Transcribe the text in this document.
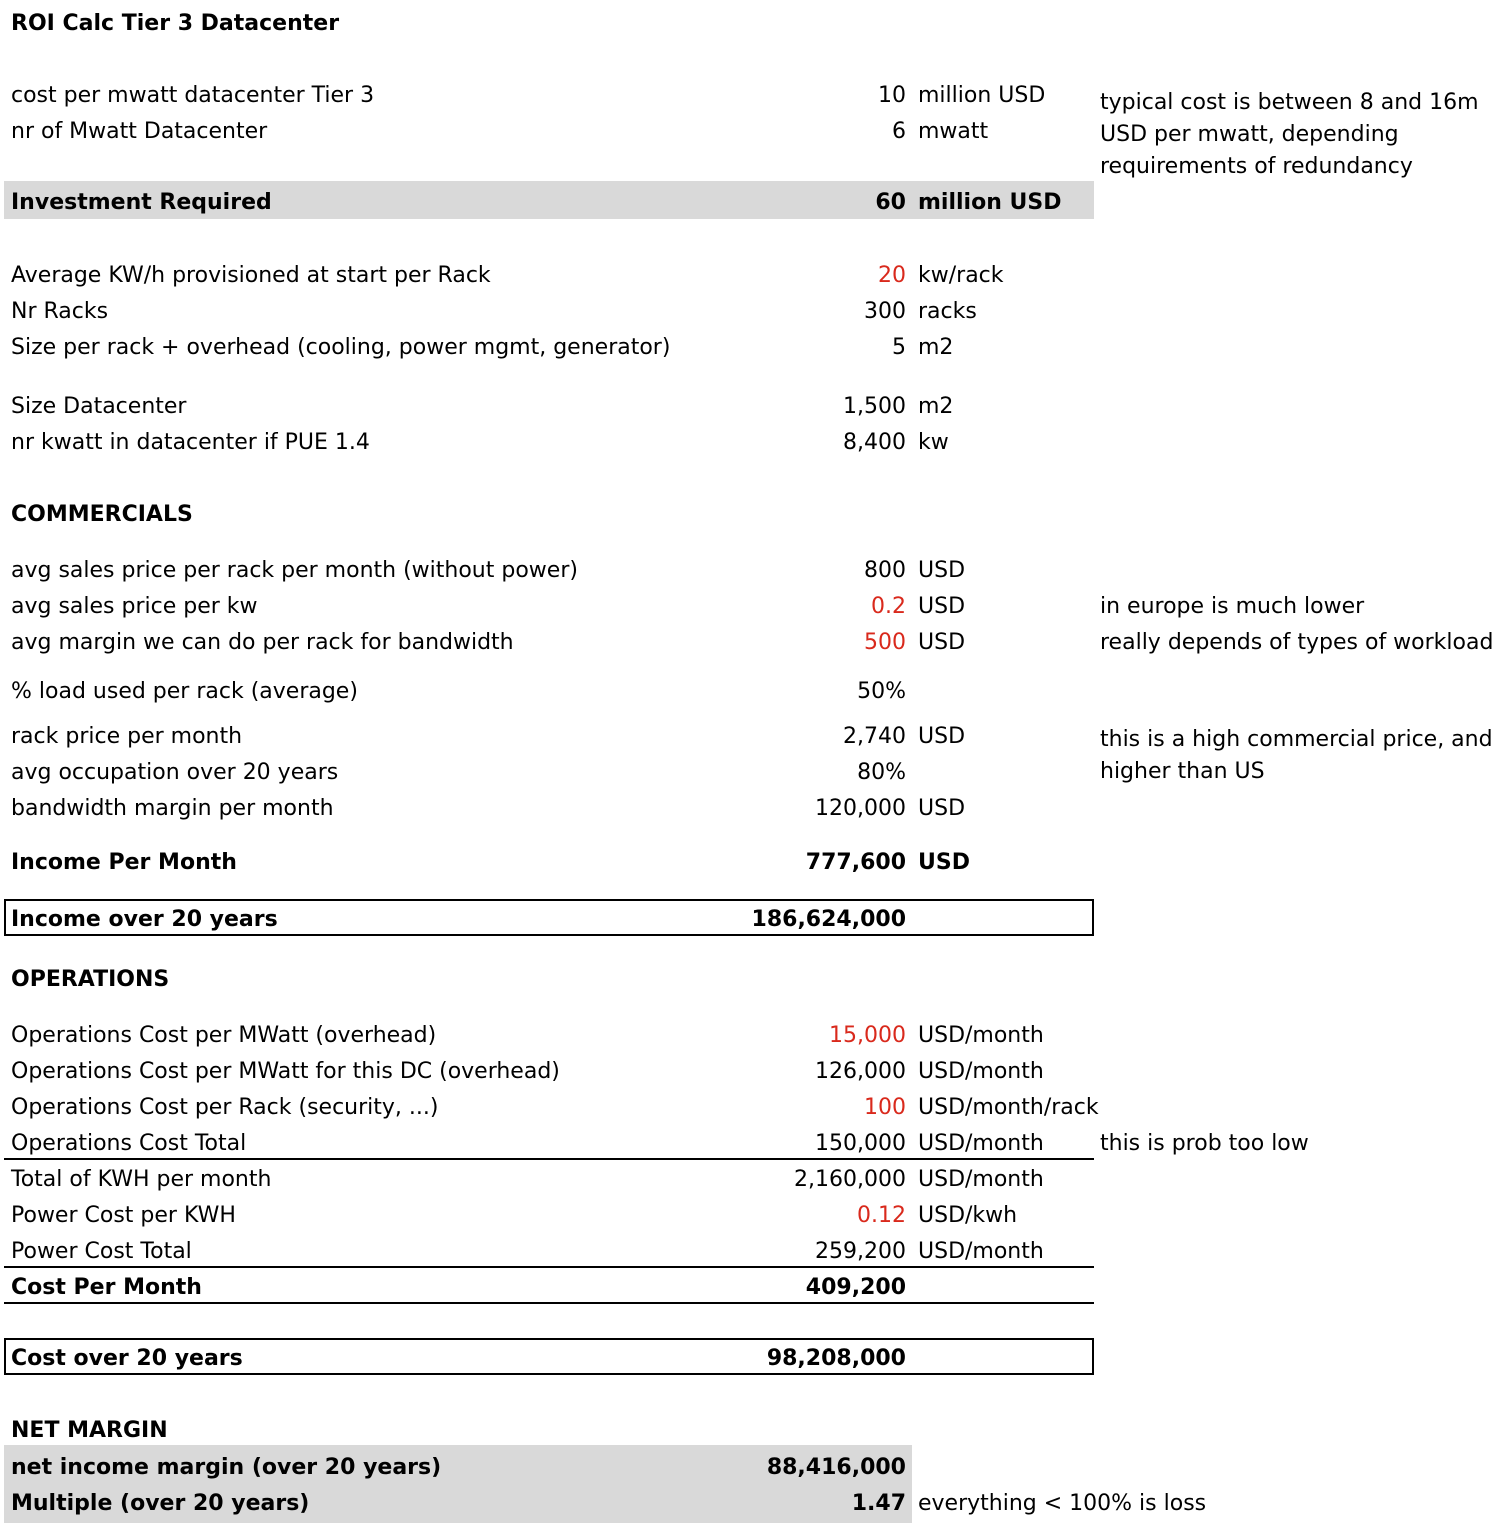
ROI Calc Tier 3 Datacenter
cost per mwatt datacenter Tier 3	10 million USD
nr of Mwatt Datacenter	6 mwatt
typical cost is between 8 and 16m
USD per mwatt, depending
requirements of redundancy
Investment Required	60 million USD
Average KW/h provisioned at start per Rack	20 kw/rack
Nr Racks	300 racks
Size per rack + overhead (cooling, power mgmt, generator)	5 m2
Size Datacenter	1,500 m2
nr kwatt in datacenter if PUE 1.4	8,400 kw
COMMERCIALS
avg sales price per rack per month (without power)	800 USD
avg sales price per kw	0.2 USD	in europe is much lower
avg margin we can do per rack for bandwidth	500 USD	really depends of types of workload
% load used per rack (average)	50%
rack price per month	2,740 USD
avg occupation over 20 years	80%
this is a high commercial price, and
higher than US
bandwidth margin per month	120,000 USD
Income Per Month	777,600 USD
Income over 20 years	186,624,000
OPERATIONS
Operations Cost per MWatt (overhead)	15,000 USD/month
Operations Cost per MWatt for this DC (overhead)	126,000 USD/month
Operations Cost per Rack (security, ...)	100 USD/month/rack
Operations Cost Total	150,000 USD/month	this is prob too low
Total of KWH per month	2,160,000 USD/month
Power Cost per KWH	0.12 USD/kwh
Power Cost Total	259,200 USD/month
Cost Per Month	409,200
Cost over 20 years	98,208,000
NET MARGIN
net income margin (over 20 years)	88,416,000
Multiple (over 20 years)	1.47 everything < 100% is loss
